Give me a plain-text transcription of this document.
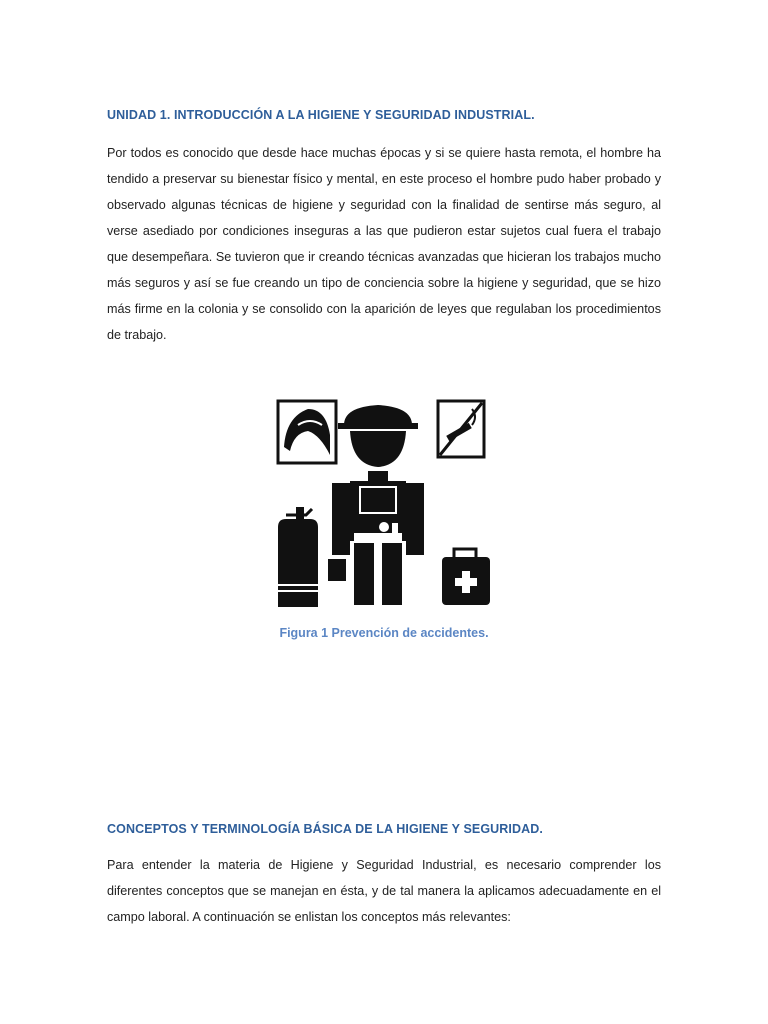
UNIDAD 1. INTRODUCCIÓN A LA HIGIENE Y SEGURIDAD INDUSTRIAL.

Por todos es conocido que desde hace muchas épocas y si se quiere hasta remota, el hombre ha tendido a preservar su bienestar físico y mental, en este proceso el hombre pudo haber probado y observado algunas técnicas de higiene y seguridad con la finalidad de sentirse más seguro, al verse asediado por condiciones inseguras a las que pudieron estar sujetos cual fuera el trabajo que desempeñara. Se tuvieron que ir creando técnicas avanzadas que hicieran los trabajos mucho más seguros y así se fue creando un tipo de conciencia sobre la higiene y seguridad, que se hizo más firme en la colonia y se consolido con la aparición de leyes que regulaban los procedimientos de trabajo.

Figura 1 Prevención de accidentes.

CONCEPTOS Y TERMINOLOGÍA BÁSICA DE LA HIGIENE Y SEGURIDAD.

Para entender la materia de Higiene y Seguridad Industrial, es necesario comprender los diferentes conceptos que se manejan en ésta, y de tal manera la aplicamos adecuadamente en el campo laboral. A continuación se enlistan los conceptos más relevantes:
